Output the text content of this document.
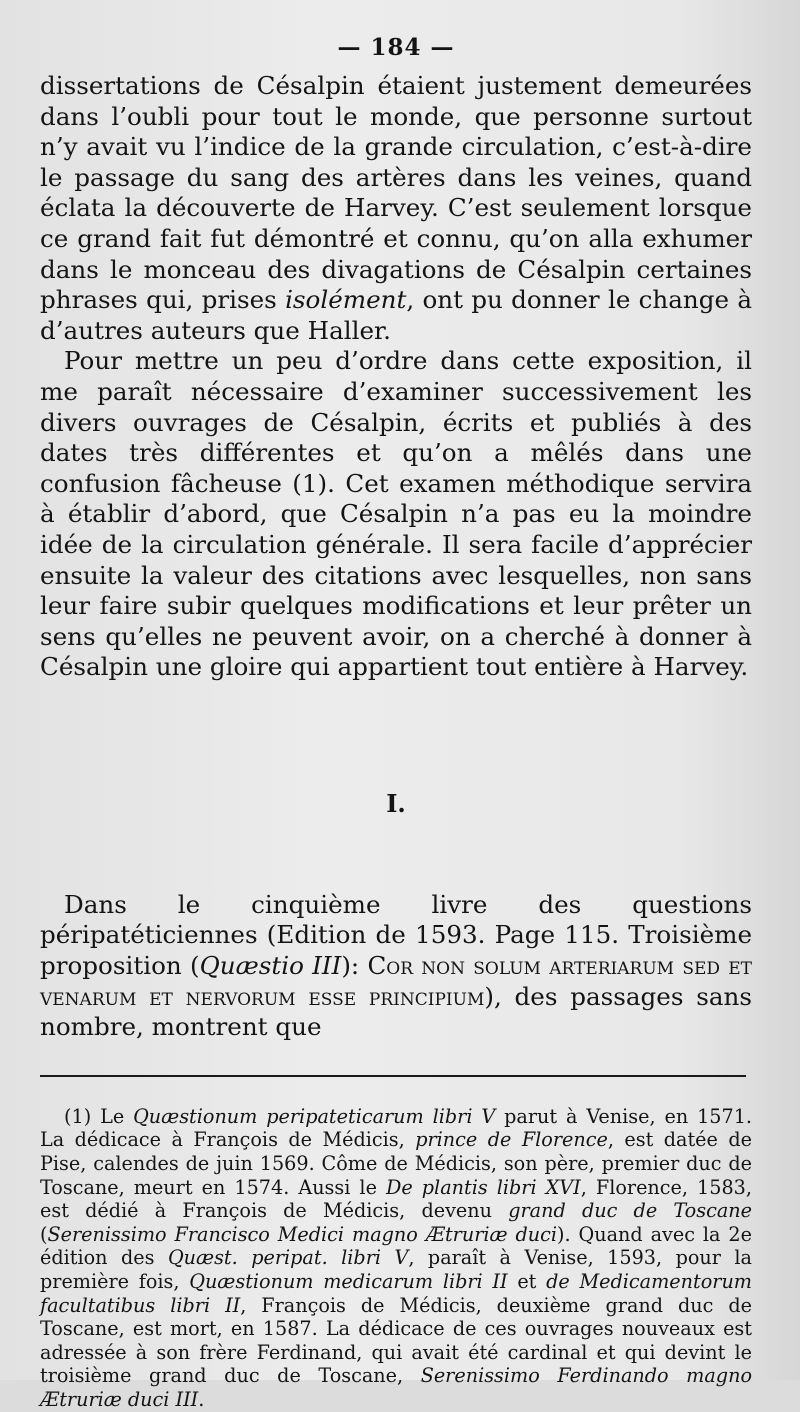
— 184 —

dissertations de Césalpin étaient justement demeurées dans l’oubli pour tout le monde, que personne surtout n’y avait vu l’indice de la grande circulation, c’est-à-dire le passage du sang des artères dans les veines, quand éclata la découverte de Harvey. C’est seulement lorsque ce grand fait fut démontré et connu, qu’on alla exhumer dans le monceau des divagations de Césalpin certaines phrases qui, prises isolément, ont pu donner le change à d’autres auteurs que Haller.

Pour mettre un peu d’ordre dans cette exposition, il me paraît nécessaire d’examiner successivement les divers ouvrages de Césalpin, écrits et publiés à des dates très différentes et qu’on a mêlés dans une confusion fâcheuse (1). Cet examen méthodique servira à établir d’abord, que Césalpin n’a pas eu la moindre idée de la circulation générale. Il sera facile d’apprécier ensuite la valeur des citations avec lesquelles, non sans leur faire subir quelques modifications et leur prêter un sens qu’elles ne peuvent avoir, on a cherché à donner à Césalpin une gloire qui appartient tout entière à Harvey.

I.

Dans le cinquième livre des questions péripatéticiennes (Edition de 1593. Page 115. Troisième proposition (Quæstio III): Cor non solum arteriarum sed et venarum et nervorum esse principium), des passages sans nombre, montrent que

(1) Le Quæstionum peripateticarum libri V parut à Venise, en 1571. La dédicace à François de Médicis, prince de Florence, est datée de Pise, calendes de juin 1569. Côme de Médicis, son père, premier duc de Toscane, meurt en 1574. Aussi le De plantis libri XVI, Florence, 1583, est dédié à François de Médicis, devenu grand duc de Toscane (Serenissimo Francisco Medici magno Ætruriæ duci). Quand avec la 2e édition des Quæst. peripat. libri V, paraît à Venise, 1593, pour la première fois, Quæstionum medicarum libri II et de Medicamentorum facultatibus libri II, François de Médicis, deuxième grand duc de Toscane, est mort, en 1587. La dédicace de ces ouvrages nouveaux est adressée à son frère Ferdinand, qui avait été cardinal et qui devint le troisième grand duc de Toscane, Serenissimo Ferdinando magno Ætruriæ duci III.
